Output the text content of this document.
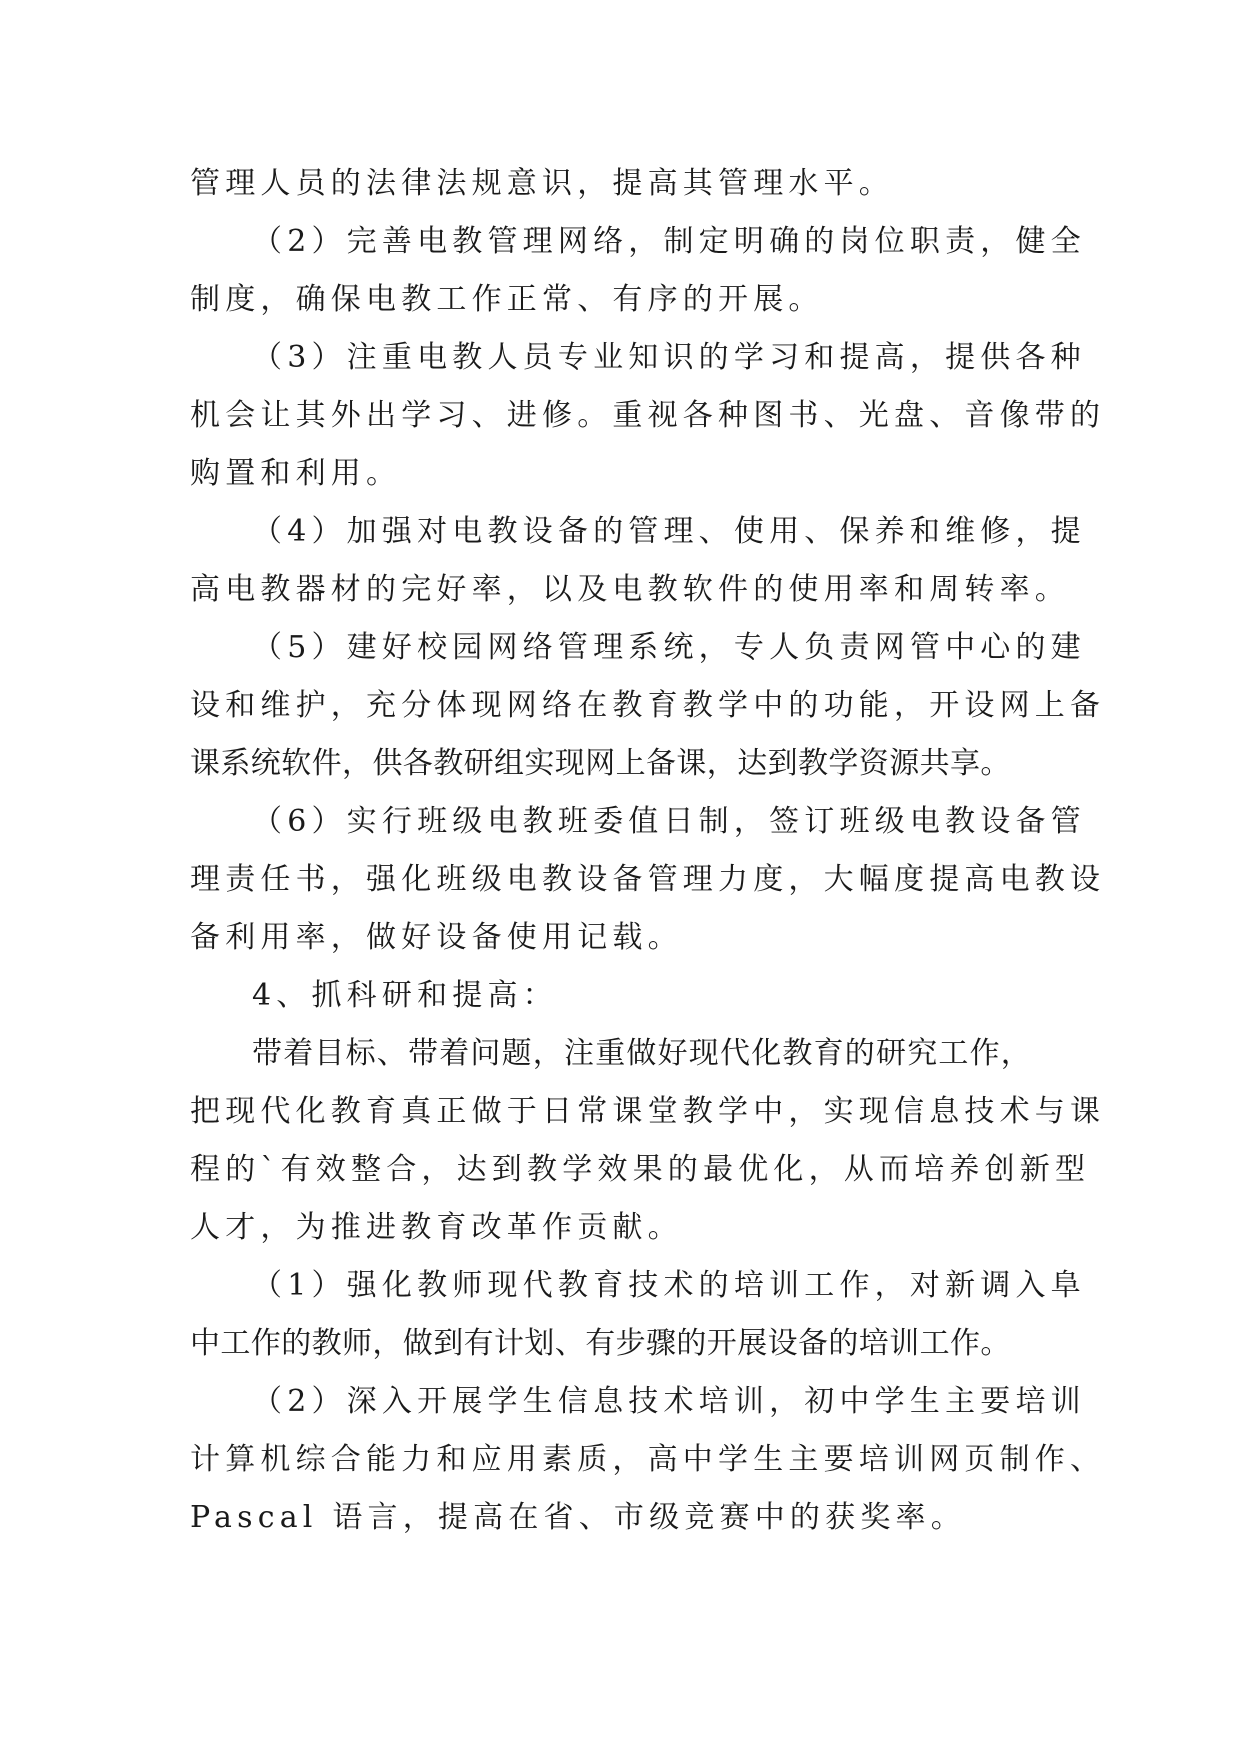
管理人员的法律法规意识，提高其管理水平。
（2）完善电教管理网络，制定明确的岗位职责，健全
制度，确保电教工作正常、有序的开展。
（3）注重电教人员专业知识的学习和提高，提供各种
机会让其外出学习、进修。重视各种图书、光盘、音像带的
购置和利用。
（4）加强对电教设备的管理、使用、保养和维修，提
高电教器材的完好率，以及电教软件的使用率和周转率。
（5）建好校园网络管理系统，专人负责网管中心的建
设和维护，充分体现网络在教育教学中的功能，开设网上备
课系统软件，供各教研组实现网上备课，达到教学资源共享。
（6）实行班级电教班委值日制，签订班级电教设备管
理责任书，强化班级电教设备管理力度，大幅度提高电教设
备利用率，做好设备使用记载。
4、抓科研和提高：
带着目标、带着问题，注重做好现代化教育的研究工作，
把现代化教育真正做于日常课堂教学中，实现信息技术与课
程的`有效整合，达到教学效果的最优化，从而培养创新型
人才，为推进教育改革作贡献。
（1）强化教师现代教育技术的培训工作，对新调入阜
中工作的教师，做到有计划、有步骤的开展设备的培训工作。
（2）深入开展学生信息技术培训，初中学生主要培训
计算机综合能力和应用素质，高中学生主要培训网页制作、
Pascal 语言，提高在省、市级竞赛中的获奖率。
